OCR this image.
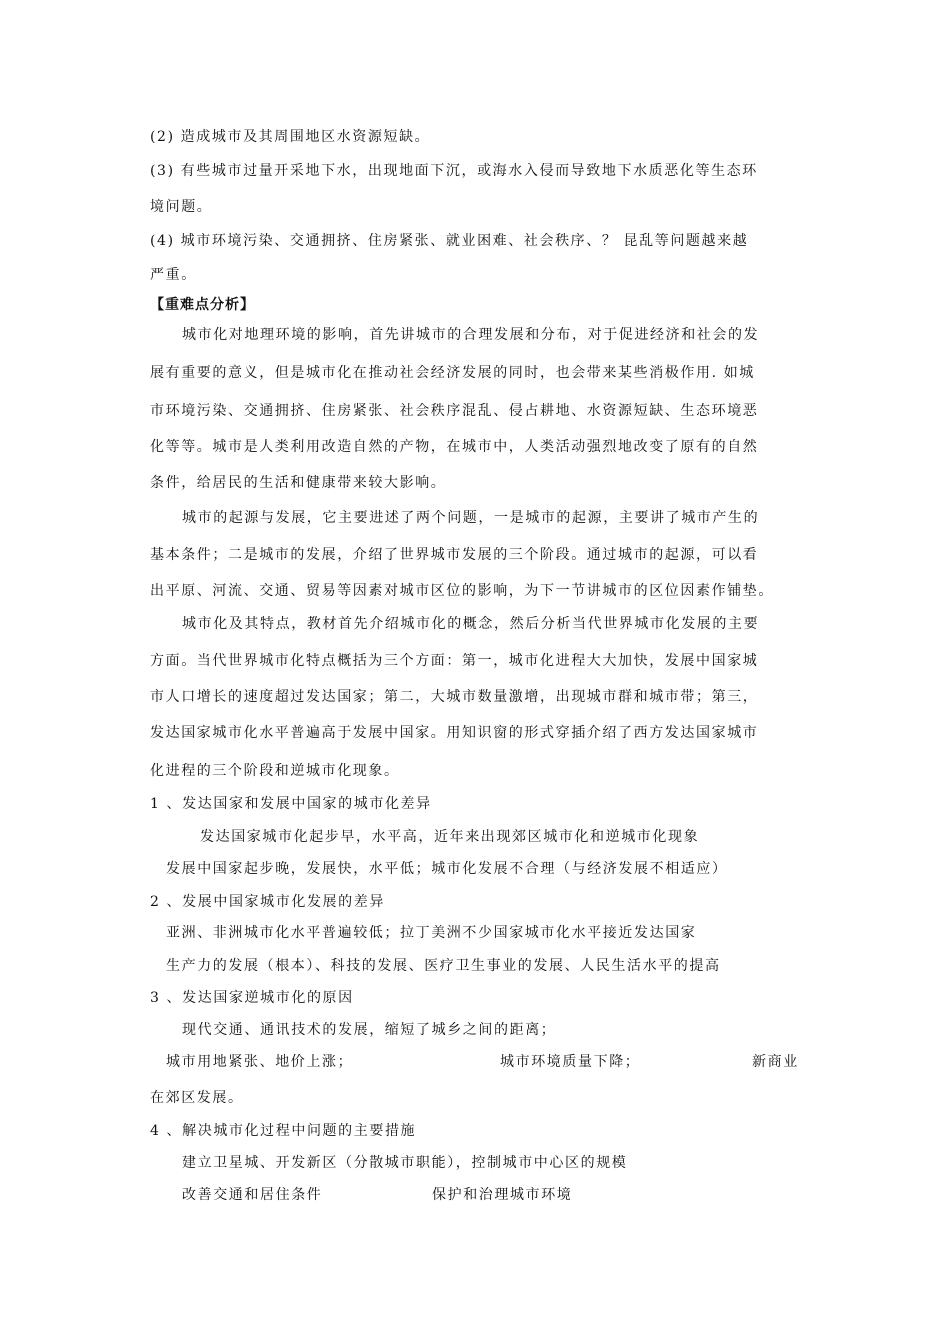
(2) 造成城市及其周围地区水资源短缺。
(3) 有些城市过量开采地下水，出现地面下沉，或海水入侵而导致地下水质恶化等生态环
境问题。
(4) 城市环境污染、交通拥挤、住房紧张、就业困难、社会秩序、？ 昆乱等问题越来越
严重。
【重难点分析】
城市化对地理环境的影响，首先讲城市的合理发展和分布，对于促进经济和社会的发
展有重要的意义，但是城市化在推动社会经济发展的同时，也会带来某些消极作用. 如城
市环境污染、交通拥挤、住房紧张、社会秩序混乱、侵占耕地、水资源短缺、生态环境恶
化等等。城市是人类利用改造自然的产物，在城市中，人类活动强烈地改变了原有的自然
条件，给居民的生活和健康带来较大影响。
城市的起源与发展，它主要进述了两个问题，一是城市的起源，主要讲了城市产生的
基本条件；二是城市的发展，介绍了世界城市发展的三个阶段。通过城市的起源，可以看
出平原、河流、交通、贸易等因素对城市区位的影响，为下一节讲城市的区位因素作铺垫。
城市化及其特点，教材首先介绍城市化的概念，然后分析当代世界城市化发展的主要
方面。当代世界城市化特点概括为三个方面：第一，城市化进程大大加快，发展中国家城
市人口增长的速度超过发达国家；第二，大城市数量激增，出现城市群和城市带；第三，
发达国家城市化水平普遍高于发展中国家。用知识窗的形式穿插介绍了西方发达国家城市
化进程的三个阶段和逆城市化现象。
1 、发达国家和发展中国家的城市化差异
发达国家城市化起步早，水平高，近年来出现郊区城市化和逆城市化现象
发展中国家起步晚，发展快，水平低；城市化发展不合理（与经济发展不相适应）
2 、发展中国家城市化发展的差异
亚洲、非洲城市化水平普遍较低；拉丁美洲不少国家城市化水平接近发达国家
生产力的发展（根本）、科技的发展、医疗卫生事业的发展、人民生活水平的提高
3 、发达国家逆城市化的原因
现代交通、通讯技术的发展，缩短了城乡之间的距离；
城市用地紧张、地价上涨；	城市环境质量下降；	新商业
在郊区发展。
4 、解决城市化过程中问题的主要措施
建立卫星城、开发新区（分散城市职能），控制城市中心区的规模
改善交通和居住条件	保护和治理城市环境
